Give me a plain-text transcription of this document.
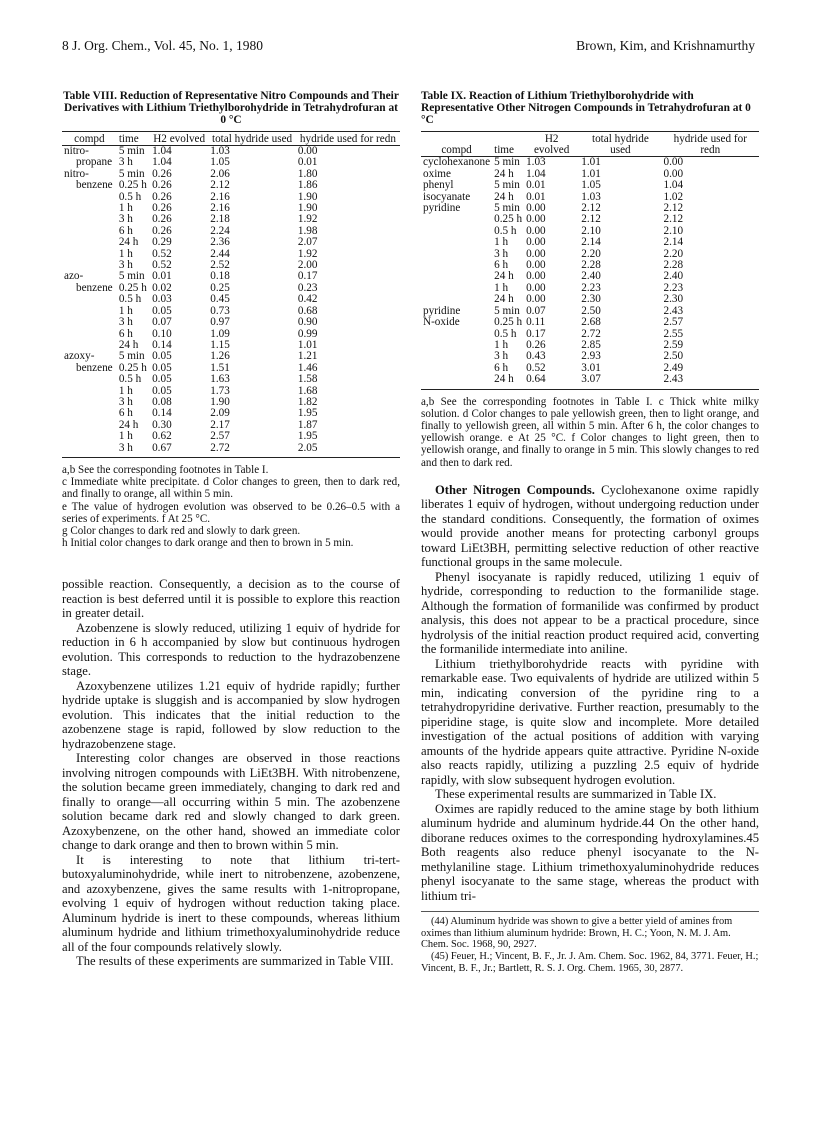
8 J. Org. Chem., Vol. 45, No. 1, 1980	Brown, Kim, and Krishnamurthy
Table VIII. Reduction of Representative Nitro Compounds and Their Derivatives with Lithium Triethylborohydride in Tetrahydrofuran at 0 °C
compd	time	H2 evolved	total hydride used	hydride used for redn
nitro-	5 min	1.04	1.03	0.00
propane	3 h	1.04	1.05	0.01
nitro-	5 min	0.26	2.06	1.80
benzene	0.25 h	0.26	2.12	1.86
	0.5 h	0.26	2.16	1.90
	1 h	0.26	2.16	1.90
	3 h	0.26	2.18	1.92
	6 h	0.26	2.24	1.98
	24 h	0.29	2.36	2.07
	1 h	0.52	2.44	1.92
	3 h	0.52	2.52	2.00
azo-	5 min	0.01	0.18	0.17
benzene	0.25 h	0.02	0.25	0.23
	0.5 h	0.03	0.45	0.42
	1 h	0.05	0.73	0.68
	3 h	0.07	0.97	0.90
	6 h	0.10	1.09	0.99
	24 h	0.14	1.15	1.01
azoxy-	5 min	0.05	1.26	1.21
benzene	0.25 h	0.05	1.51	1.46
	0.5 h	0.05	1.63	1.58
	1 h	0.05	1.73	1.68
	3 h	0.08	1.90	1.82
	6 h	0.14	2.09	1.95
	24 h	0.30	2.17	1.87
	1 h	0.62	2.57	1.95
	3 h	0.67	2.72	2.05

a,b See the corresponding footnotes in Table I.

c Immediate white precipitate. d Color changes to green, then to dark red, and finally to orange, all within 5 min.

e The value of hydrogen evolution was observed to be 0.26–0.5 with a series of experiments. f At 25 °C.

g Color changes to dark red and slowly to dark green.

h Initial color changes to dark orange and then to brown in 5 min.

possible reaction. Consequently, a decision as to the course of reaction is best deferred until it is possible to explore this reaction in greater detail.

Azobenzene is slowly reduced, utilizing 1 equiv of hydride for reduction in 6 h accompanied by slow but continuous hydrogen evolution. This corresponds to reduction to the hydrazobenzene stage.

Azoxybenzene utilizes 1.21 equiv of hydride rapidly; further hydride uptake is sluggish and is accompanied by slow hydrogen evolution. This indicates that the initial reduction to the azobenzene stage is rapid, followed by slow reduction to the hydrazobenzene stage.

Interesting color changes are observed in those reactions involving nitrogen compounds with LiEt3BH. With nitrobenzene, the solution became green immediately, changing to dark red and finally to orange—all occurring within 5 min. The azobenzene solution became dark red and slowly changed to dark green. Azoxybenzene, on the other hand, showed an immediate color change to dark orange and then to brown within 5 min.

It is interesting to note that lithium tri-tert-butoxyaluminohydride, while inert to nitrobenzene, azobenzene, and azoxybenzene, gives the same results with 1-nitropropane, evolving 1 equiv of hydrogen without reduction taking place. Aluminum hydride is inert to these compounds, whereas lithium aluminum hydride and lithium trimethoxyaluminohydride reduce all of the four compounds relatively slowly.

The results of these experiments are summarized in Table VIII.

Table IX. Reaction of Lithium Triethylborohydride with Representative Other Nitrogen Compounds in Tetrahydrofuran at 0 °C
compd	time	H2 evolved	total hydride used	hydride used for redn
cyclohexanone	5 min	1.03	1.01	0.00
oxime	24 h	1.04	1.01	0.00
phenyl	5 min	0.01	1.05	1.04
isocyanate	24 h	0.01	1.03	1.02
pyridine	5 min	0.00	2.12	2.12
	0.25 h	0.00	2.12	2.12
	0.5 h	0.00	2.10	2.10
	1 h	0.00	2.14	2.14
	3 h	0.00	2.20	2.20
	6 h	0.00	2.28	2.28
	24 h	0.00	2.40	2.40
	1 h	0.00	2.23	2.23
	24 h	0.00	2.30	2.30
pyridine	5 min	0.07	2.50	2.43
N-oxide	0.25 h	0.11	2.68	2.57
	0.5 h	0.17	2.72	2.55
	1 h	0.26	2.85	2.59
	3 h	0.43	2.93	2.50
	6 h	0.52	3.01	2.49
	24 h	0.64	3.07	2.43
a,b See the corresponding footnotes in Table I. c Thick white milky solution. d Color changes to pale yellowish green, then to light orange, and finally to yellowish green, all within 5 min. After 6 h, the color changes to yellowish orange. e At 25 °C. f Color changes to light green, then to yellowish orange, and finally to orange in 5 min. This slowly changes to red and then to dark red.

Other Nitrogen Compounds. Cyclohexanone oxime rapidly liberates 1 equiv of hydrogen, without undergoing reduction under the standard conditions. Consequently, the formation of oximes would provide another means for protecting carbonyl groups toward LiEt3BH, permitting selective reduction of other reactive functional groups in the same molecule.

Phenyl isocyanate is rapidly reduced, utilizing 1 equiv of hydride, corresponding to reduction to the formanilide stage. Although the formation of formanilide was confirmed by product analysis, this does not appear to be a practical procedure, since hydrolysis of the initial reaction product required acid, converting the formanilide intermediate into aniline.

Lithium triethylborohydride reacts with pyridine with remarkable ease. Two equivalents of hydride are utilized within 5 min, indicating conversion of the pyridine ring to a tetrahydropyridine derivative. Further reaction, presumably to the piperidine stage, is quite slow and incomplete. More detailed investigation of the actual positions of addition with varying amounts of the hydride appears quite attractive. Pyridine N-oxide also reacts rapidly, utilizing a puzzling 2.5 equiv of hydride rapidly, with slow subsequent hydrogen evolution.

These experimental results are summarized in Table IX.

Oximes are rapidly reduced to the amine stage by both lithium aluminum hydride and aluminum hydride.44 On the other hand, diborane reduces oximes to the corresponding hydroxylamines.45 Both reagents also reduce phenyl isocyanate to the N-methylaniline stage. Lithium trimethoxyaluminohydride reduces phenyl isocyanate to the same stage, whereas the product with lithium tri-

(44) Aluminum hydride was shown to give a better yield of amines from oximes than lithium aluminum hydride: Brown, H. C.; Yoon, N. M. J. Am. Chem. Soc. 1968, 90, 2927.

(45) Feuer, H.; Vincent, B. F., Jr. J. Am. Chem. Soc. 1962, 84, 3771. Feuer, H.; Vincent, B. F., Jr.; Bartlett, R. S. J. Org. Chem. 1965, 30, 2877.
